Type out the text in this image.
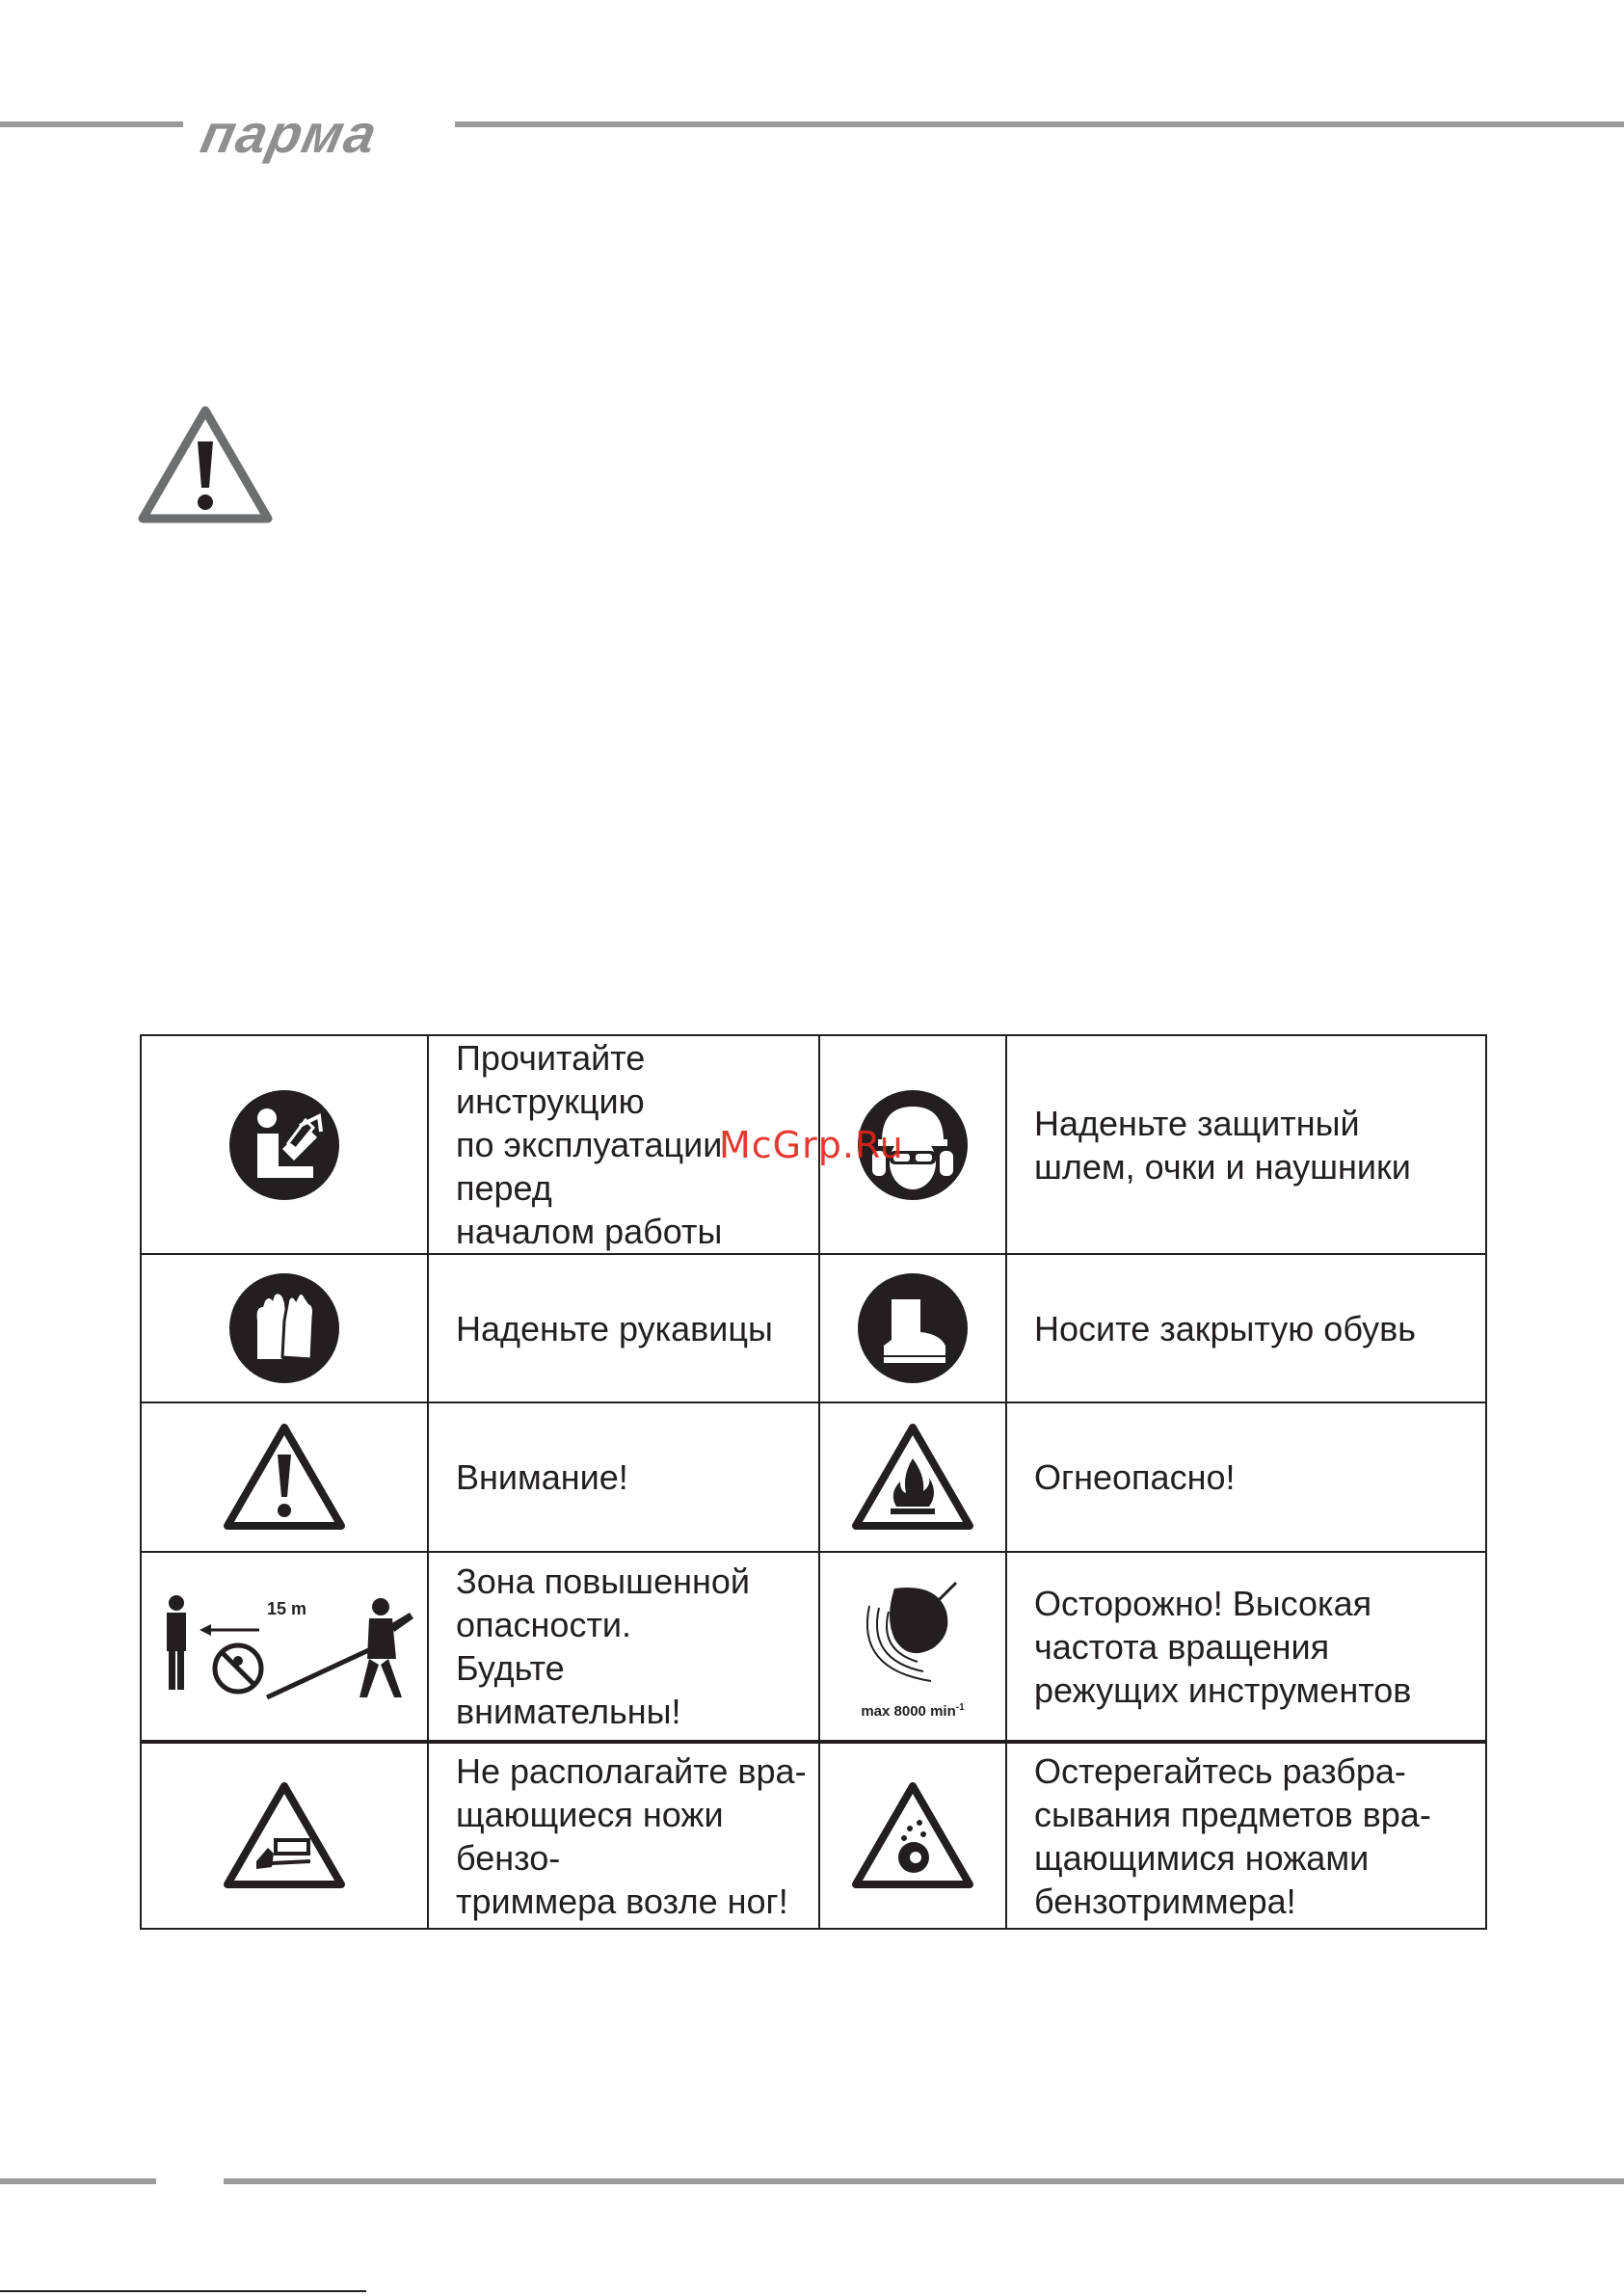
парма

Прочитайте инструкцию
по эксплуатации перед
началом работы		Наденьте защитный
шлем, очки и наушники

Наденьте рукавицы		Носите закрытую обувь

Внимание!		Огнеопасно!

15 m	Зона повышенной
опасности.
Будьте
внимательны!	max 8000 $\min^{-1}$	Осторожно! Высокая
частота вращения
режущих инструментов

Не располагайте вра-
щающиеся ножи бензо-
триммера возле ног!		Остерегайтесь разбра-
сывания предметов вра-
щающимися ножами
бензотриммера!
McGrp.Ru
